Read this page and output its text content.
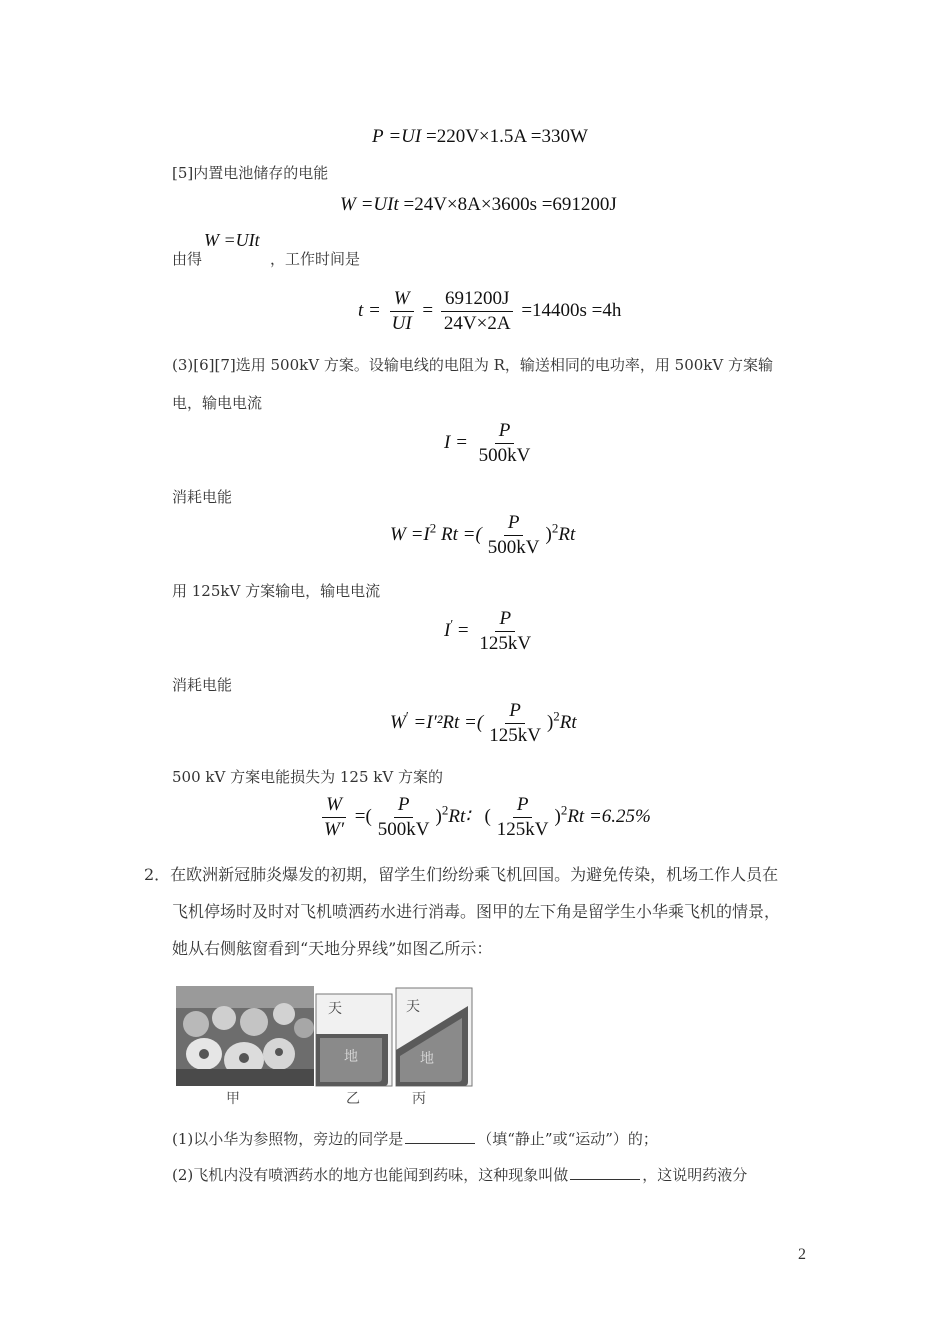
P =UI =220V×1.5A =330W
[5]内置电池储存的电能
W =UIt =24V×8A×3600s =691200J
由得
W =UIt
，工作时间是
$t = \frac{W}{UI} = \frac{691200J}{24V\times 2A} =14400s =4h$
(3)[6][7]选用 500kV 方案。设输电线的电阻为 R，输送相同的电功率，用 500kV 方案输
电，输电电流
$I = \frac{P}{500kV}$
消耗电能
$W =I^2$ Rt =( $\frac{P}{500kV} )^2Rt$
用 125kV 方案输电，输电电流
$I' = \frac{P}{125kV}$
消耗电能
W′ =I′²Rt =( $\frac{P}{125kV} )^2Rt$
500 kV 方案电能损失为 125 kV 方案的
$\frac{W}{W'}$ =( $\frac{P}{500kV}$ )$^2$Rt∶ ( $\frac{P}{125kV} )^2Rt =6.25\%$
2．在欧洲新冠肺炎爆发的初期，留学生们纷纷乘飞机回国。为避免传染，机场工作人员在
飞机停场时及时对飞机喷洒药水进行消毒。图甲的左下角是留学生小华乘飞机的情景，
她从右侧舷窗看到“天地分界线”如图乙所示：
天
地
天
地
甲	乙	丙
(1)以小华为参照物，旁边的同学是	（填“静止”或“运动”）的；
(2)飞机内没有喷洒药水的地方也能闻到药味，这种现象叫做	，这说明药液分
2
